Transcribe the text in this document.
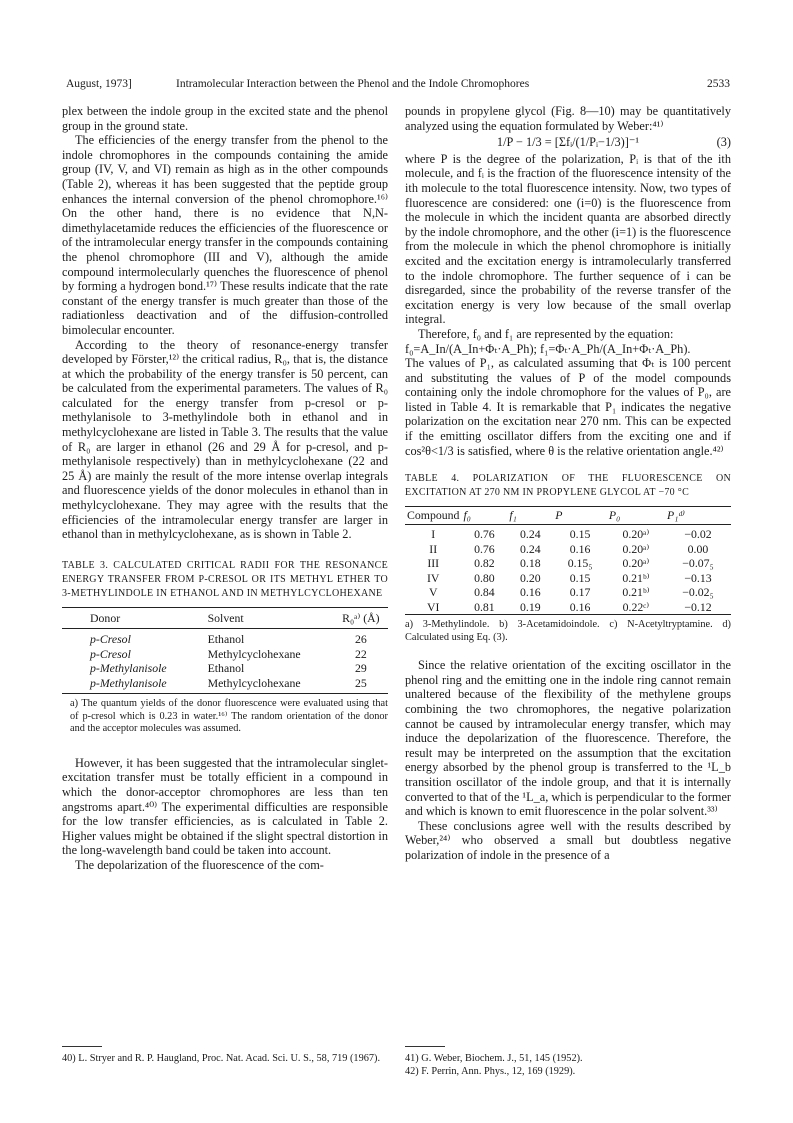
August, 1973]	Intramolecular Interaction between the Phenol and the Indole Chromophores	2533

plex between the indole group in the excited state and the phenol group in the ground state.

The efficiencies of the energy transfer from the phenol to the indole chromophores in the compounds containing the amide group (IV, V, and VI) remain as high as in the other compounds (Table 2), whereas it has been suggested that the peptide group enhances the internal conversion of the phenol chromophore.¹⁶⁾ On the other hand, there is no evidence that N,N-dimethylacetamide reduces the efficiencies of the fluorescence or of the intramolecular energy transfer in the compounds containing the phenol chromophore (III and V), although the amide compound intermolecularly quenches the fluorescence of phenol by forming a hydrogen bond.¹⁷⁾ These results indicate that the rate constant of the energy transfer is much greater than those of the radiationless deactivation and of the diffusion-controlled bimolecular encounter.

According to the theory of resonance-energy transfer developed by Förster,¹²⁾ the critical radius, R₀, that is, the distance at which the probability of the energy transfer is 50 percent, can be calculated from the experimental parameters. The values of R₀ calculated for the energy transfer from p-cresol or p-methylanisole to 3-methylindole both in ethanol and in methylcyclohexane are listed in Table 3. The results that the value of R₀ are larger in ethanol (26 and 29 Å for p-cresol, and p-methylanisole respectively) than in methylcyclohexane (22 and 25 Å) are mainly the result of the more intense overlap integrals and fluorescence yields of the donor molecules in ethanol than in methylcyclohexane. They may agree with the results that the efficiencies of the intramolecular energy transfer are larger in ethanol than in methylcyclohexane, as is shown in Table 2.

TABLE 3. CALCULATED CRITICAL RADII FOR THE RESONANCE ENERGY TRANSFER FROM P-CRESOL OR ITS METHYL ETHER TO 3-METHYLINDOLE IN ETHANOL AND IN METHYLCYCLOHEXANE

Donor	Solvent	R₀ᵃ⁾ (Å)
p-Cresol	Ethanol	26
p-Cresol	Methylcyclohexane	22
p-Methylanisole	Ethanol	29
p-Methylanisole	Methylcyclohexane	25

a) The quantum yields of the donor fluorescence were evaluated using that of p-cresol which is 0.23 in water.¹⁶⁾ The random orientation of the donor and the acceptor molecules was assumed.

However, it has been suggested that the intramolecular singlet-excitation transfer must be totally efficient in a compound in which the donor-acceptor chromophores are less than ten angstroms apart.⁴⁰⁾ The experimental difficulties are responsible for the low transfer efficiencies, as is calculated in Table 2. Higher values might be obtained if the slight spectral distortion in the long-wavelength band could be taken into account.

The depolarization of the fluorescence of the com-

pounds in propylene glycol (Fig. 8—10) may be quantitatively analyzed using the equation formulated by Weber:⁴¹⁾

1/P − 1/3 = [Σfᵢ/(1/Pᵢ−1/3)]⁻¹	(3)

where P is the degree of the polarization, Pᵢ is that of the ith molecule, and fᵢ is the fraction of the fluorescence intensity of the ith molecule to the total fluorescence intensity. Now, two types of fluorescence are considered: one (i=0) is the fluorescence from the molecule in which the incident quanta are absorbed directly by the indole chromophore, and the other (i=1) is the fluorescence from the molecule in which the phenol chromophore is initially excited and the excitation energy is intramolecularly transferred to the indole chromophore. The further sequence of i can be disregarded, since the probability of the reverse transfer of the excitation energy is very low because of the small overlap integral.

Therefore, f₀ and f₁ are represented by the equation:

f₀=A_In/(A_In+Φₜ·A_Ph); f₁=Φₜ·A_Ph/(A_In+Φₜ·A_Ph).

The values of P₁, as calculated assuming that Φₜ is 100 percent and substituting the values of P of the model compounds containing only the indole chromophore for the values of P₀, are listed in Table 4. It is remarkable that P₁ indicates the negative polarization on the excitation near 270 nm. This can be expected if the emitting oscillator differs from the exciting one and if cos²θ<1/3 is satisfied, where θ is the relative orientation angle.⁴²⁾

TABLE 4. POLARIZATION OF THE FLUORESCENCE ON EXCITATION AT 270 NM IN PROPYLENE GLYCOL AT −70 °C

Compound	f₀	f₁	P	P₀	P₁ᵈ⁾
I	0.76	0.24	0.15	0.20ᵃ⁾	−0.02
II	0.76	0.24	0.16	0.20ᵃ⁾	0.00
III	0.82	0.18	0.15₅	0.20ᵃ⁾	−0.07₅
IV	0.80	0.20	0.15	0.21ᵇ⁾	−0.13
V	0.84	0.16	0.17	0.21ᵇ⁾	−0.02₅
VI	0.81	0.19	0.16	0.22ᶜ⁾	−0.12

a) 3-Methylindole. b) 3-Acetamidoindole. c) N-Acetyltryptamine. d) Calculated using Eq. (3).

Since the relative orientation of the exciting oscillator in the phenol ring and the emitting one in the indole ring cannot remain unaltered because of the flexibility of the methylene groups combining the two chromophores, the negative polarization cannot be caused by intramolecular energy transfer, which may induce the depolarization of the fluorescence. Therefore, the result may be interpreted on the assumption that the excitation energy absorbed by the phenol group is transferred to the ¹L_b transition oscillator of the indole group, and that it is internally converted to that of the ¹L_a, which is perpendicular to the former and which is known to emit fluorescence in the polar solvent.³³⁾

These conclusions agree well with the results described by Weber,²⁴⁾ who observed a small but doubtless negative polarization of indole in the presence of a

40) L. Stryer and R. P. Haugland, Proc. Nat. Acad. Sci. U. S., 58, 719 (1967).	41) G. Weber, Biochem. J., 51, 145 (1952).

42) F. Perrin, Ann. Phys., 12, 169 (1929).
